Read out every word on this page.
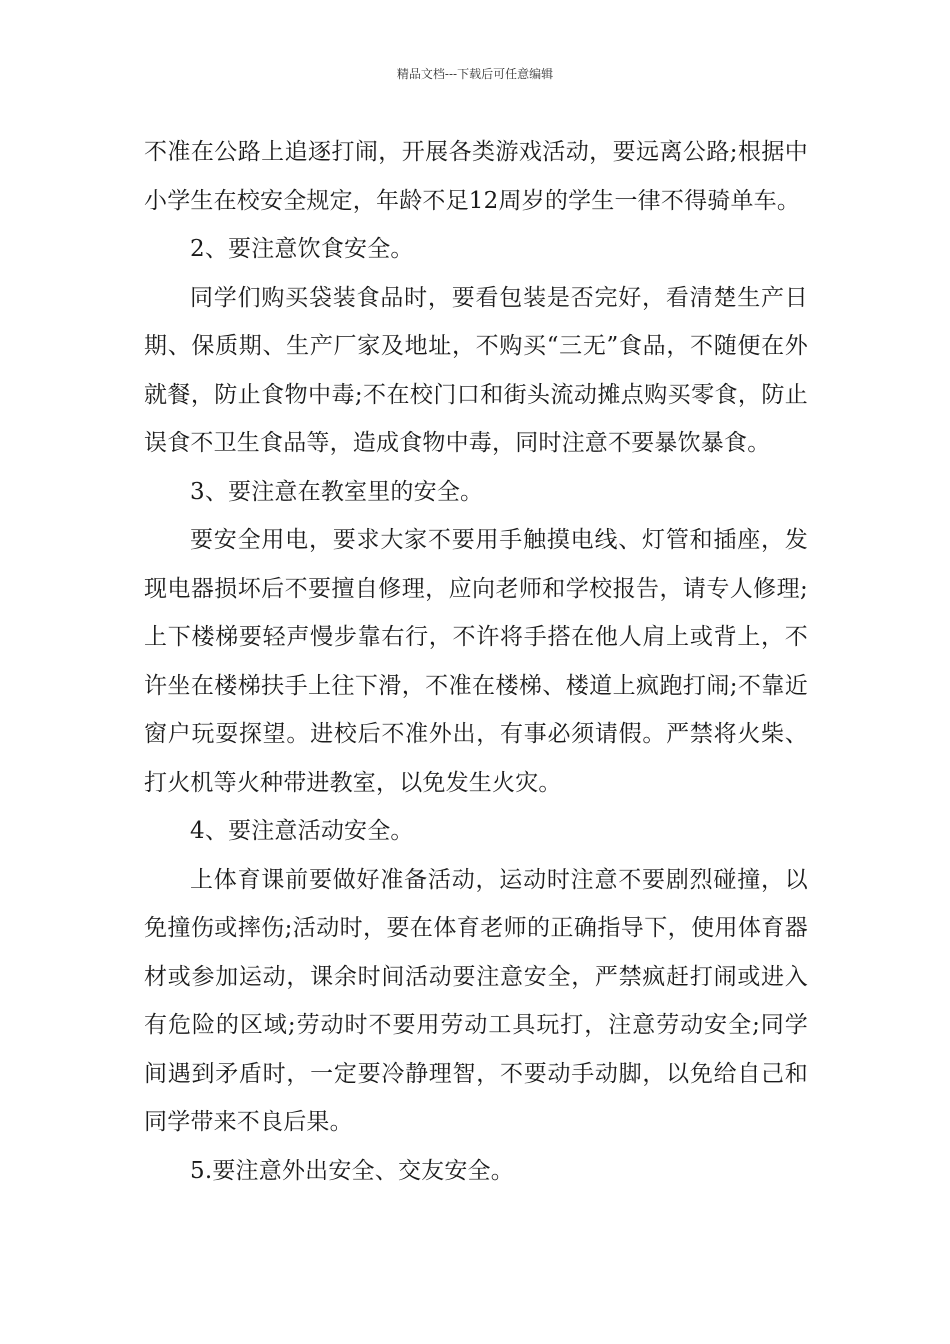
精品文档---下载后可任意编辑

不准在公路上追逐打闹，开展各类游戏活动，要远离公路;根据中小学生在校安全规定，年龄不足12周岁的学生一律不得骑单车。

2、要注意饮食安全。

同学们购买袋装食品时，要看包装是否完好，看清楚生产日期、保质期、生产厂家及地址，不购买“三无”食品，不随便在外就餐，防止食物中毒;不在校门口和街头流动摊点购买零食，防止误食不卫生食品等，造成食物中毒，同时注意不要暴饮暴食。

3、要注意在教室里的安全。

要安全用电，要求大家不要用手触摸电线、灯管和插座，发现电器损坏后不要擅自修理，应向老师和学校报告，请专人修理;上下楼梯要轻声慢步靠右行，不许将手搭在他人肩上或背上，不许坐在楼梯扶手上往下滑，不准在楼梯、楼道上疯跑打闹;不靠近窗户玩耍探望。进校后不准外出，有事必须请假。严禁将火柴、打火机等火种带进教室，以免发生火灾。

4、要注意活动安全。

上体育课前要做好准备活动，运动时注意不要剧烈碰撞，以免撞伤或摔伤;活动时，要在体育老师的正确指导下，使用体育器材或参加运动，课余时间活动要注意安全，严禁疯赶打闹或进入有危险的区域;劳动时不要用劳动工具玩打，注意劳动安全;同学间遇到矛盾时，一定要冷静理智，不要动手动脚，以免给自己和同学带来不良后果。

5.要注意外出安全、交友安全。
